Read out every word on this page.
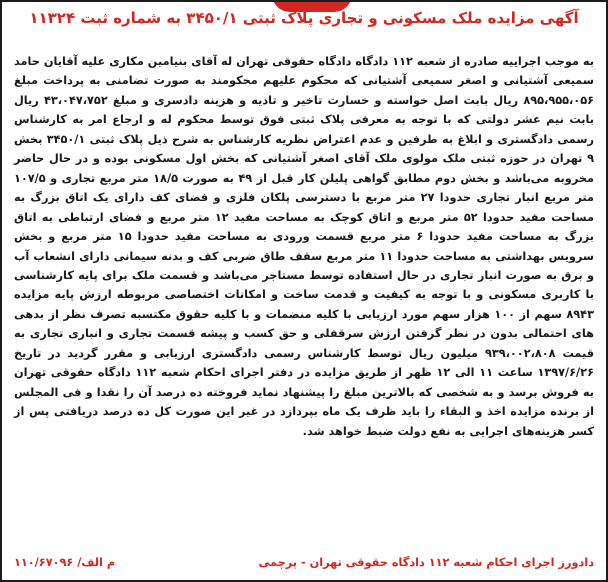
آگهی مزایده ملک مسکونی و تجاری پلاک ثبتی ۳۴۵۰/۱ به شماره ثبت ۱۱۳۲۴

به موجب اجراییه صادره از شعبه ۱۱۲ دادگاه دادگاه حقوقی تهران له آقای بنیامین مکاری علیه آقایان حامد سمیعی آشتیانی و اصغر سمیعی آشتیانی که محکوم علیهم محکومند به صورت تضامنی به پرداخت مبلغ ۸۹۵،۹۵۵،۰۵۶ ریال بابت اصل خواسته و خسارت تاخیر و تادیه و هزینه دادسری و مبلغ ۴۳،۰۴۷،۷۵۲ ریال بابت نیم عشر دولتی که با توجه به معرفی پلاک ثبتی فوق توسط محکوم له و ارجاع امر به کارشناس رسمی دادگستری و ابلاغ به طرفین و عدم اعتراض نظریه کارشناس به شرح ذیل پلاک ثبتی ۳۴۵۰/۱ بخش ۹ تهران در حوزه ثبتی ملک مولوی ملک آقای اصغر آشتیانی که بخش اول مسکونی بوده و در حال حاضر مخروبه می‌باشد و بخش دوم مطابق گواهی پلیلن کار قبل از ۴۹ به صورت ۱۸/۵ متر مربع تجاری و ۱۰۷/۵ متر مربع انبار تجاری حدودا ۲۷ متر مربع با دسترسی پلکان فلزی و فضای کف دارای یک اتاق بزرگ به مساحت مفید حدودا ۵۲ متر مربع و اتاق کوچک به مساحت مفید ۱۲ متر مربع و فضای ارتباطی به اتاق بزرگ به مساحت مفید حدودا ۶ متر مربع قسمت ورودی به مساحت مفید حدودا ۱۵ متر مربع و بخش سرویس بهداشتی به مساحت حدودا ۱۱ متر مربع سقف طاق ضربی کف و بدنه سیمانی دارای انشعاب آب و برق به صورت انبار تجاری در حال استفاده توسط مستاجر می‌باشد و قسمت ملک برای پایه کارشناسی با کاربری مسکونی و با توجه به کیفیت و قدمت ساخت و امکانات اختصاصی مربوطه ارزش پایه مزایده ۸۹۴۳ سهم از ۱۰۰ هزار سهم مورد ارزیابی با کلیه منضمات و با کلیه حقوق مکتسبه تصرف نظر از بدهی های احتمالی بدون در نظر گرفتن ارزش سرقفلی و حق کسب و پیشه قسمت تجاری و انباری تجاری به قیمت ۹۳۹،۰۰۲،۸۰۸ میلیون ریال توسط کارشناس رسمی دادگستری ارزیابی و مقرر گردید در تاریخ ۱۳۹۷/۶/۲۶ ساعت ۱۱ الی ۱۲ ظهر از طریق مزایده در دفتر اجرای احکام شعبه ۱۱۲ دادگاه حقوقی تهران به فروش برسد و به شخصی که بالاترین مبلغ را پیشنهاد نماید فروخته ده درصد آن را نقدا و فی المجلس از برنده مزایده اخذ و البقاء را باید ظرف یک ماه بپردازد در غیر این صورت کل ده درصد دریافتی پس از کسر هزینه‌های اجرایی به نفع دولت ضبط خواهد شد.

دادورز اجرای احکام شعبه ۱۱۲ دادگاه حقوقی تهران - پرچمی
م الف/ ۱۱۰/۶۷۰۹۶
